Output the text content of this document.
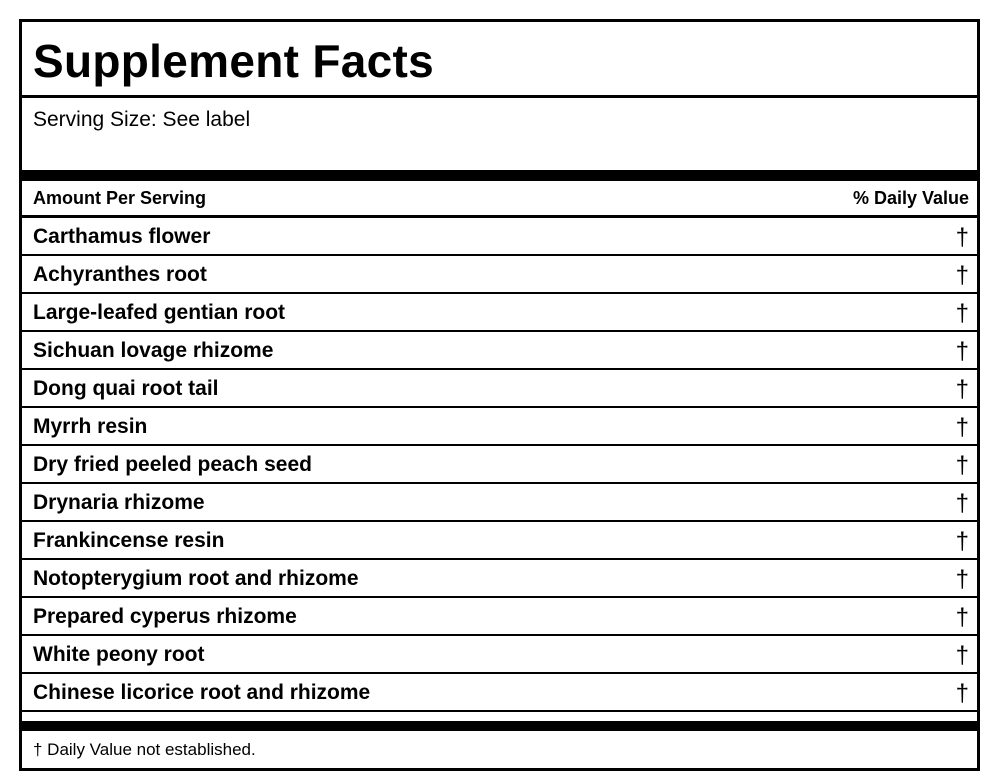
Supplement Facts
Serving Size: See label
Amount Per Serving	% Daily Value
Carthamus flower	†
Achyranthes root	†
Large-leafed gentian root	†
Sichuan lovage rhizome	†
Dong quai root tail	†
Myrrh resin	†
Dry fried peeled peach seed	†
Drynaria rhizome	†
Frankincense resin	†
Notopterygium root and rhizome	†
Prepared cyperus rhizome	†
White peony root	†
Chinese licorice root and rhizome	†
† Daily Value not established.
